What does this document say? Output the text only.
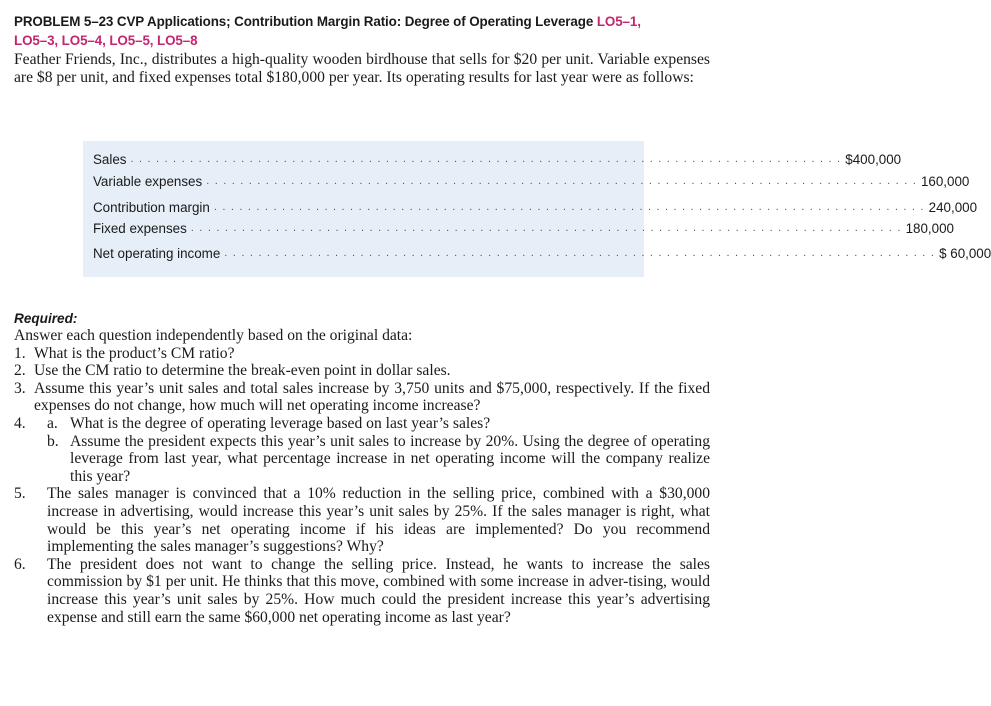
PROBLEM 5–23 CVP Applications; Contribution Margin Ratio: Degree of Operating Leverage LO5–1,
LO5–3, LO5–4, LO5–5, LO5–8
Feather Friends, Inc., distributes a high-quality wooden birdhouse that sells for $20 per unit. Variable expenses are $8 per unit, and fixed expenses total $180,000 per year. Its operating results for last year were as follows:
Sales . . . . . . . . . . . . . . . . . . . . . . . . . . . . . . . . . . . . . . . . . . . . . . . . . . . . . . . . . . . . . . . . . . . . . . . . . . . . . . . . . . . . $400,000
Variable expenses . . . . . . . . . . . . . . . . . . . . . . . . . . . . . . . . . . . . . . . . . . . . . . . . . . . . . . . . . . . . . . . . . . . . . . . . . . . . . . . . . . . . 160,000
Contribution margin . . . . . . . . . . . . . . . . . . . . . . . . . . . . . . . . . . . . . . . . . . . . . . . . . . . . . . . . . . . . . . . . . . . . . . . . . . . . . . . . . . . . 240,000
Fixed expenses . . . . . . . . . . . . . . . . . . . . . . . . . . . . . . . . . . . . . . . . . . . . . . . . . . . . . . . . . . . . . . . . . . . . . . . . . . . . . . . . . . . . 180,000
Net operating income . . . . . . . . . . . . . . . . . . . . . . . . . . . . . . . . . . . . . . . . . . . . . . . . . . . . . . . . . . . . . . . . . . . . . . . . . . . . . . . . . . . . $ 60,000
Required:
Answer each question independently based on the original data:
1. What is the product’s CM ratio?
2. Use the CM ratio to determine the break-even point in dollar sales.
3. Assume this year’s unit sales and total sales increase by 3,750 units and $75,000, respectively. If the fixed expenses do not change, how much will net operating income increase?
4.	a. What is the degree of operating leverage based on last year’s sales?
b. Assume the president expects this year’s unit sales to increase by 20%. Using the degree of operating leverage from last year, what percentage increase in net operating income will the company realize this year?
5.	The sales manager is convinced that a 10% reduction in the selling price, combined with a $30,000 increase in advertising, would increase this year’s unit sales by 25%. If the sales manager is right, what would be this year’s net operating income if his ideas are implemented? Do you recommend implementing the sales manager’s suggestions? Why?
6.	The president does not want to change the selling price. Instead, he wants to increase the sales commission by $1 per unit. He thinks that this move, combined with some increase in adver-tising, would increase this year’s unit sales by 25%. How much could the president increase this year’s advertising expense and still earn the same $60,000 net operating income as last year?
